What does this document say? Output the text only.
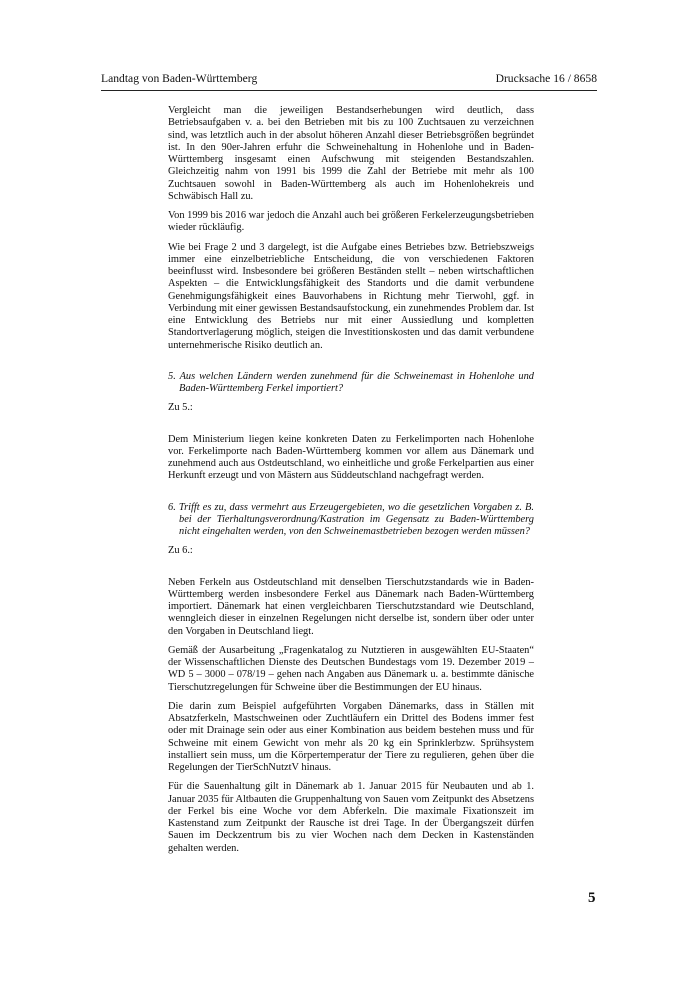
Landtag von Baden-Württemberg	Drucksache 16 / 8658

Vergleicht man die jeweiligen Bestandserhebungen wird deutlich, dass Betriebsaufgaben v. a. bei den Betrieben mit bis zu 100 Zuchtsauen zu verzeichnen sind, was letztlich auch in der absolut höheren Anzahl dieser Betriebsgrößen begründet ist. In den 90er-Jahren erfuhr die Schweinehaltung in Hohenlohe und in Baden-Württemberg insgesamt einen Aufschwung mit steigenden Bestandszahlen. Gleichzeitig nahm von 1991 bis 1999 die Zahl der Betriebe mit mehr als 100 Zuchtsauen sowohl in Baden-Württemberg als auch im Hohenlohekreis und Schwäbisch Hall zu.

Von 1999 bis 2016 war jedoch die Anzahl auch bei größeren Ferkelerzeugungsbetrieben wieder rückläufig.

Wie bei Frage 2 und 3 dargelegt, ist die Aufgabe eines Betriebes bzw. Betriebszweigs immer eine einzelbetriebliche Entscheidung, die von verschiedenen Faktoren beeinflusst wird. Insbesondere bei größeren Beständen stellt – neben wirtschaftlichen Aspekten – die Entwicklungsfähigkeit des Standorts und die damit verbundene Genehmigungsfähigkeit eines Bauvorhabens in Richtung mehr Tierwohl, ggf. in Verbindung mit einer gewissen Bestandsaufstockung, ein zunehmendes Problem dar. Ist eine Entwicklung des Betriebs nur mit einer Aussiedlung und kompletten Standortverlagerung möglich, steigen die Investitionskosten und das damit verbundene unternehmerische Risiko deutlich an.

5. Aus welchen Ländern werden zunehmend für die Schweinemast in Hohenlohe und Baden-Württemberg Ferkel importiert?

Zu 5.:

Dem Ministerium liegen keine konkreten Daten zu Ferkelimporten nach Hohenlohe vor. Ferkelimporte nach Baden-Württemberg kommen vor allem aus Dänemark und zunehmend auch aus Ostdeutschland, wo einheitliche und große Ferkelpartien aus einer Herkunft erzeugt und von Mästern aus Süddeutschland nachgefragt werden.

6. Trifft es zu, dass vermehrt aus Erzeugergebieten, wo die gesetzlichen Vorgaben z. B. bei der Tierhaltungsverordnung/Kastration im Gegensatz zu Baden-Württemberg nicht eingehalten werden, von den Schweinemastbetrieben bezogen werden müssen?

Zu 6.:

Neben Ferkeln aus Ostdeutschland mit denselben Tierschutzstandards wie in Baden-Württemberg werden insbesondere Ferkel aus Dänemark nach Baden-Württemberg importiert. Dänemark hat einen vergleichbaren Tierschutzstandard wie Deutschland, wenngleich dieser in einzelnen Regelungen nicht derselbe ist, sondern über oder unter den Vorgaben in Deutschland liegt.

Gemäß der Ausarbeitung „Fragenkatalog zu Nutztieren in ausgewählten EU-Staaten“ der Wissenschaftlichen Dienste des Deutschen Bundestags vom 19. Dezember 2019 – WD 5 – 3000 – 078/19 – gehen nach Angaben aus Dänemark u. a. bestimmte dänische Tierschutzregelungen für Schweine über die Bestimmungen der EU hinaus.

Die darin zum Beispiel aufgeführten Vorgaben Dänemarks, dass in Ställen mit Absatzferkeln, Mastschweinen oder Zuchtläufern ein Drittel des Bodens immer fest oder mit Drainage sein oder aus einer Kombination aus beidem bestehen muss und für Schweine mit einem Gewicht von mehr als 20 kg ein Sprinklerbzw. Sprühsystem installiert sein muss, um die Körpertemperatur der Tiere zu regulieren, gehen über die Regelungen der TierSchNutztV hinaus.

Für die Sauenhaltung gilt in Dänemark ab 1. Januar 2015 für Neubauten und ab 1. Januar 2035 für Altbauten die Gruppenhaltung von Sauen vom Zeitpunkt des Absetzens der Ferkel bis eine Woche vor dem Abferkeln. Die maximale Fixationszeit im Kastenstand zum Zeitpunkt der Rausche ist drei Tage. In der Übergangszeit dürfen Sauen im Deckzentrum bis zu vier Wochen nach dem Decken in Kastenständen gehalten werden.

5
